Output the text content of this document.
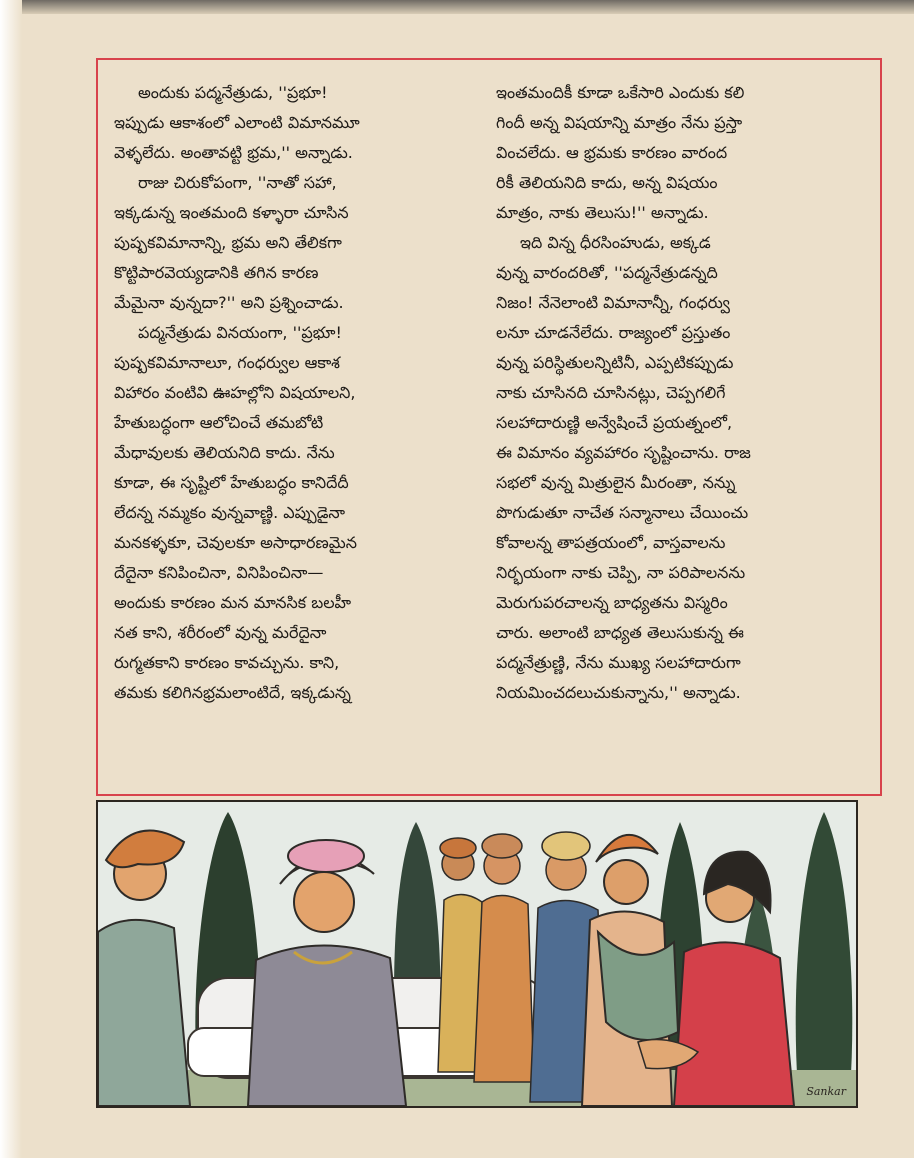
అందుకు పద్మనేత్రుడు, ''ప్రభూ!
ఇప్పుడు ఆకాశంలో ఎలాంటి విమానమూ
వెళ్ళలేదు. అంతావట్టి భ్రమ,'' అన్నాడు.
రాజు చిరుకోపంగా, ''నాతో సహా,
ఇక్కడున్న ఇంతమంది కళ్ళారా చూసిన
పుష్పకవిమానాన్ని, భ్రమ అని తేలికగా
కొట్టిపారవెయ్యడానికి తగిన కారణ
మేమైనా వున్నదా?'' అని ప్రశ్నించాడు.
పద్మనేత్రుడు వినయంగా, ''ప్రభూ!
పుష్పకవిమానాలూ, గంధర్వుల ఆకాశ
విహారం వంటివి ఊహల్లోని విషయాలని,
హేతుబద్ధంగా ఆలోచించే తమబోటి
మేధావులకు తెలియనిది కాదు. నేను
కూడా, ఈ సృష్టిలో హేతుబద్ధం కానిదేదీ
లేదన్న నమ్మకం వున్నవాణ్ణి. ఎప్పుడైనా
మనకళ్ళకూ, చెవులకూ అసాధారణమైన
దేదైనా కనిపించినా, వినిపించినా—
అందుకు కారణం మన మానసిక బలహీ
నత కాని, శరీరంలో వున్న మరేదైనా
రుగ్మతకాని కారణం కావచ్చును. కాని,
తమకు కలిగినభ్రమలాంటిదే, ఇక్కడున్న
ఇంతమందికీ కూడా ఒకేసారి ఎందుకు కలి
గిందీ అన్న విషయాన్ని మాత్రం నేను ప్రస్తా
వించలేదు. ఆ భ్రమకు కారణం వారంద
రికీ తెలియనిది కాదు, అన్న విషయం
మాత్రం, నాకు తెలుసు!'' అన్నాడు.
ఇది విన్న ధీరసింహుడు, అక్కడ
వున్న వారందరితో, ''పద్మనేత్రుడన్నది
నిజం! నేనెలాంటి విమానాన్నీ, గంధర్వు
లనూ చూడనేలేదు. రాజ్యంలో ప్రస్తుతం
వున్న పరిస్థితులన్నిటినీ, ఎప్పటికప్పుడు
నాకు చూసినది చూసినట్లు, చెప్పగలిగే
సలహాదారుణ్ణి అన్వేషించే ప్రయత్నంలో,
ఈ విమానం వ్యవహారం సృష్టించాను. రాజ
సభలో వున్న మిత్రులైన మీరంతా, నన్ను
పొగుడుతూ నాచేత సన్మానాలు చేయించు
కోవాలన్న తాపత్రయంలో, వాస్తవాలను
నిర్భయంగా నాకు చెప్పి, నా పరిపాలనను
మెరుగుపరచాలన్న బాధ్యతను విస్మరిం
చారు. అలాంటి బాధ్యత తెలుసుకున్న ఈ
పద్మనేత్రుణ్ణి, నేను ముఖ్య సలహాదారుగా
నియమించదలుచుకున్నాను,'' అన్నాడు.
Sankar
